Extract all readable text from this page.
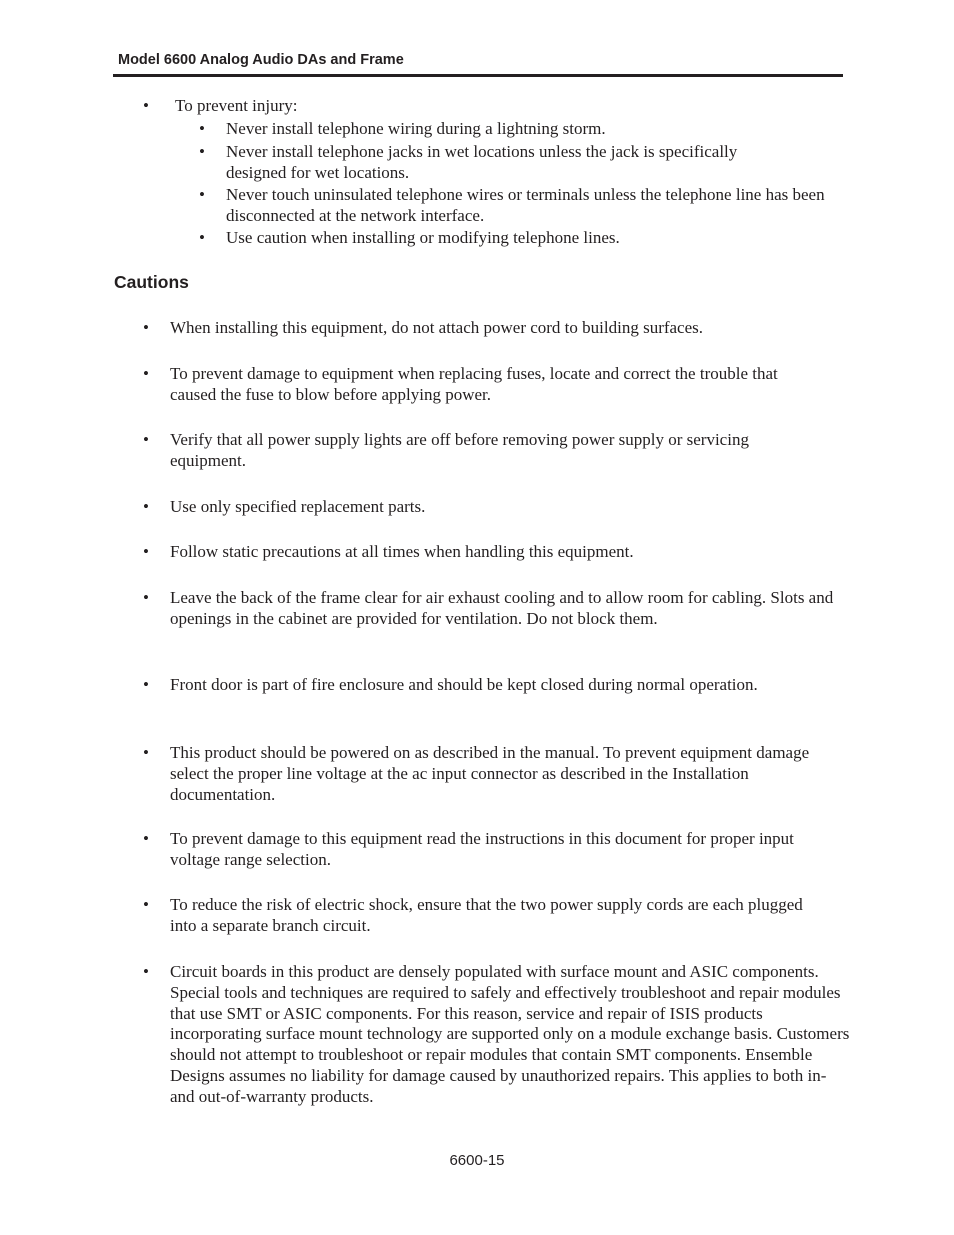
Model 6600 Analog Audio DAs and Frame
• To prevent injury:
• Never install telephone wiring during a lightning storm.
• Never install telephone jacks in wet locations unless the jack is specifically designed for wet locations.
• Never touch uninsulated telephone wires or terminals unless the telephone line has been disconnected at the network interface.
• Use caution when installing or modifying telephone lines.
Cautions
• When installing this equipment, do not attach power cord to building surfaces.
• To prevent damage to equipment when replacing fuses, locate and correct the trouble that caused the fuse to blow before applying power.
• Verify that all power supply lights are off before removing power supply or servicing equipment.
• Use only specified replacement parts.
• Follow static precautions at all times when handling this equipment.
• Leave the back of the frame clear for air exhaust cooling and to allow room for cabling. Slots and openings in the cabinet are provided for ventilation. Do not block them.
• Front door is part of fire enclosure and should be kept closed during normal operation.
• This product should be powered on as described in the manual. To prevent equipment damage select the proper line voltage at the ac input connector as described in the Installation documentation.
• To prevent damage to this equipment read the instructions in this document for proper input voltage range selection.
• To reduce the risk of electric shock, ensure that the two power supply cords are each plugged into a separate branch circuit.
• Circuit boards in this product are densely populated with surface mount and ASIC components. Special tools and techniques are required to safely and effectively troubleshoot and repair modules that use SMT or ASIC components. For this reason, service and repair of ISIS products incorporating surface mount technology are supported only on a module exchange basis. Customers should not attempt to troubleshoot or repair modules that contain SMT components. Ensemble Designs assumes no liability for damage caused by unauthorized repairs. This applies to both in- and out-of-warranty products.
6600-15
